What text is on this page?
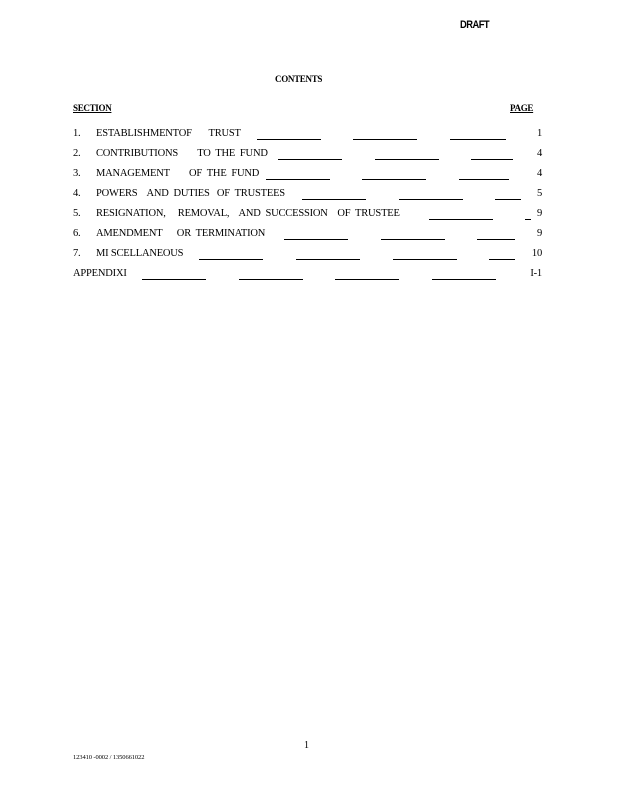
DRAFT
CONTENTS
SECTION	PAGE
1. ESTABLISHMENTOF       TRUST	1
2. CONTRIBUTIONS        TO  THE  FUND	4
3. MANAGEMENT        OF  THE  FUND	4
4. POWERS    AND  DUTIES   OF  TRUSTEES	5
5. RESIGNATION,     REMOVAL,    AND  SUCCESSION    OF  TRUSTEE	9
6. AMENDMENT      OR  TERMINATION	9
7. MI SCELLANEOUS	10
APPENDIXI	I-1
1
123410 -0002 / 1350661022
